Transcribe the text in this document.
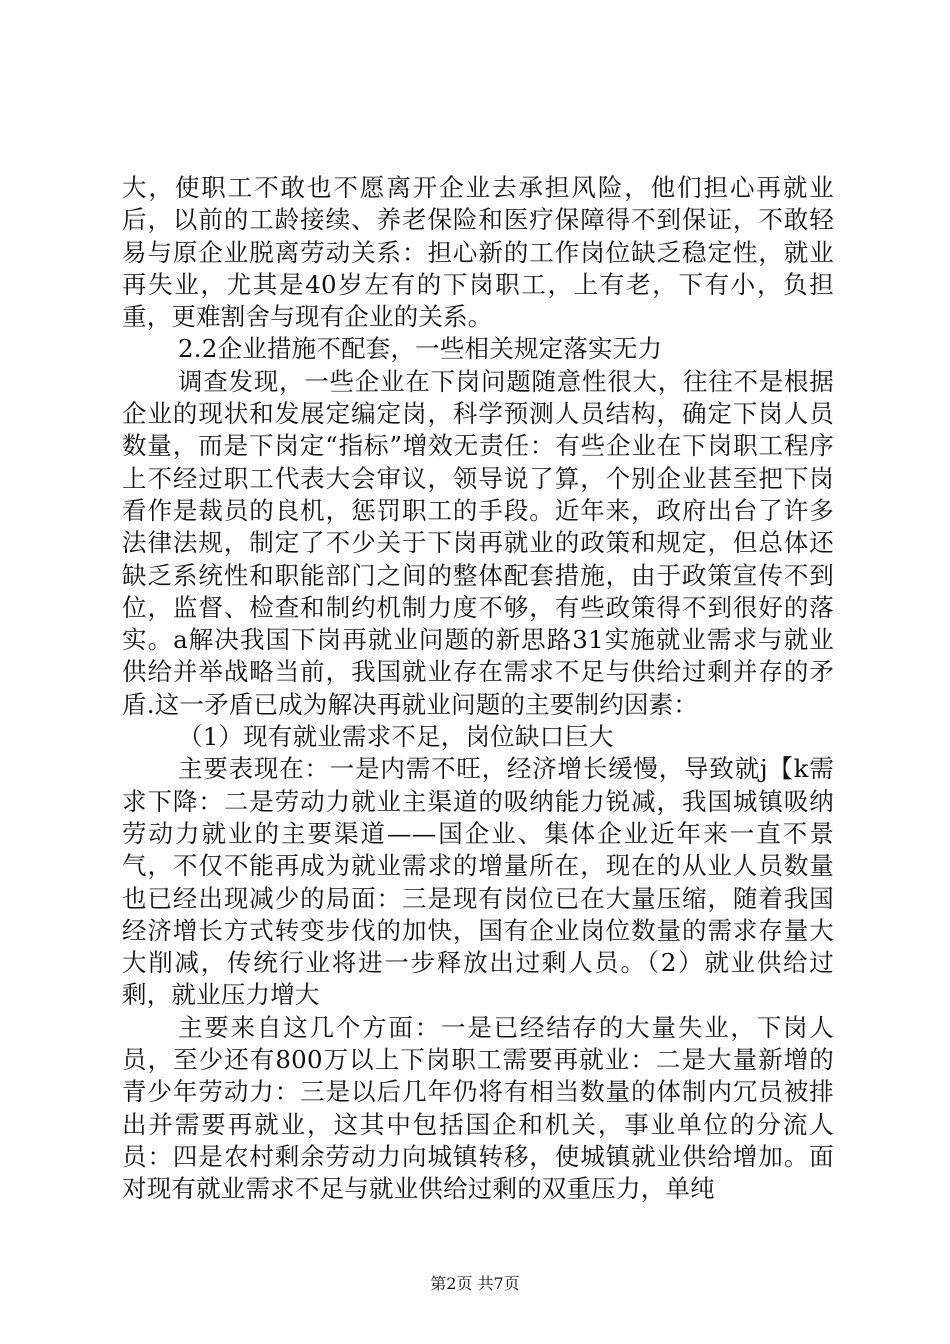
大，使职工不敢也不愿离开企业去承担风险，他们担心再就业后，以前的工龄接续、养老保险和医疗保障得不到保证，不敢轻易与原企业脱离劳动关系：担心新的工作岗位缺乏稳定性，就业再失业，尤其是40岁左有的下岗职工，上有老，下有小，负担重，更难割舍与现有企业的关系。

2.2企业措施不配套，一些相关规定落实无力

调查发现，一些企业在下岗问题随意性很大，往往不是根据企业的现状和发展定编定岗，科学预测人员结构，确定下岗人员数量，而是下岗定“指标”增效无责任：有些企业在下岗职工程序上不经过职工代表大会审议，领导说了算，个别企业甚至把下岗看作是裁员的良机，惩罚职工的手段。近年来，政府出台了许多法律法规，制定了不少关于下岗再就业的政策和规定，但总体还缺乏系统性和职能部门之间的整体配套措施，由于政策宣传不到位，监督、检查和制约机制力度不够，有些政策得不到很好的落实。a解决我国下岗再就业问题的新思路31实施就业需求与就业供给并举战略当前，我国就业存在需求不足与供给过剩并存的矛盾.这一矛盾已成为解决再就业问题的主要制约因素：

（1）现有就业需求不足，岗位缺口巨大

主要表现在：一是内需不旺，经济增长缓慢，导致就j【k需求下降：二是劳动力就业主渠道的吸纳能力锐减，我国城镇吸纳劳动力就业的主要渠道——国企业、集体企业近年来一直不景气，不仅不能再成为就业需求的增量所在，现在的从业人员数量也已经出现减少的局面：三是现有岗位已在大量压缩，随着我国经济增长方式转变步伐的加快，国有企业岗位数量的需求存量大大削减，传统行业将进一步释放出过剩人员。（2）就业供给过剩，就业压力增大

主要来自这几个方面：一是已经结存的大量失业，下岗人员，至少还有800万以上下岗职工需要再就业：二是大量新增的青少年劳动力：三是以后几年仍将有相当数量的体制内冗员被排出并需要再就业，这其中包括国企和机关，事业单位的分流人员：四是农村剩余劳动力向城镇转移，使城镇就业供给增加。面对现有就业需求不足与就业供给过剩的双重压力，单纯

第2页 共7页
